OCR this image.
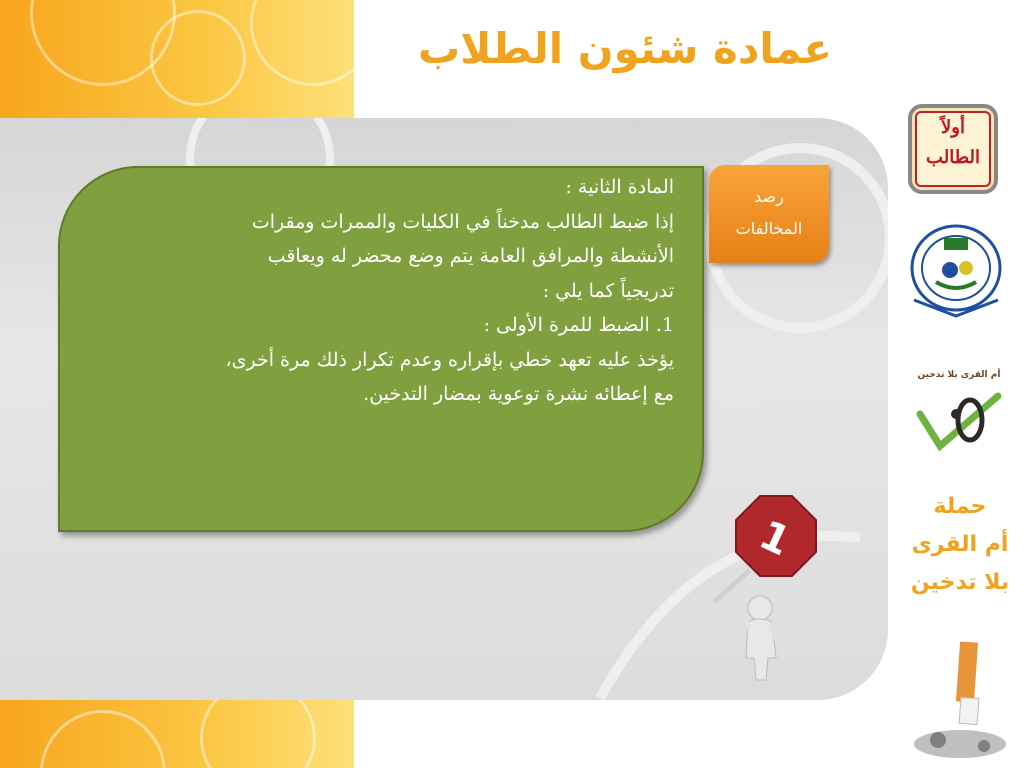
عمادة شئون الطلاب
المادة الثانية :
إذا ضبط الطالب مدخناً في الكليات والممرات ومقرات
الأنشطة والمرافق العامة يتم وضع محضر له ويعاقب
تدريجياً كما يلي :
1. الضبط للمرة الأولى :
يؤخذ عليه تعهد خطي بإقراره وعدم تكرار ذلك مرة أخرى،
مع إعطائه نشرة توعوية بمضار التدخين.
رصد
المخالفات
1
أولاً
الطالب
أم القرى بلا تدخين
حملة
أم القرى
بلا تدخين
